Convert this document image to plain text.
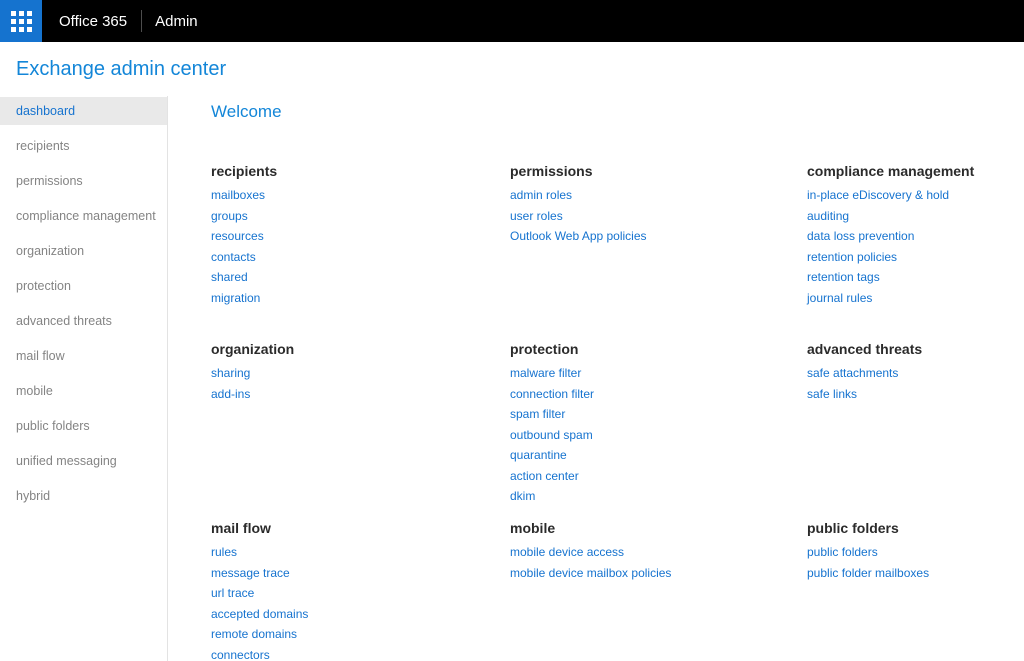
Office 365 Admin
Exchange admin center
dashboard
recipients
permissions
compliance management
organization
protection
advanced threats
mail flow
mobile
public folders
unified messaging
hybrid
Welcome
recipients
mailboxes
groups
resources
contacts
shared
migration
permissions
admin roles
user roles
Outlook Web App policies
compliance management
in-place eDiscovery & hold
auditing
data loss prevention
retention policies
retention tags
journal rules
organization
sharing
add-ins
protection
malware filter
connection filter
spam filter
outbound spam
quarantine
action center
dkim
advanced threats
safe attachments
safe links
mail flow
rules
message trace
url trace
accepted domains
remote domains
connectors
mobile
mobile device access
mobile device mailbox policies
public folders
public folders
public folder mailboxes
